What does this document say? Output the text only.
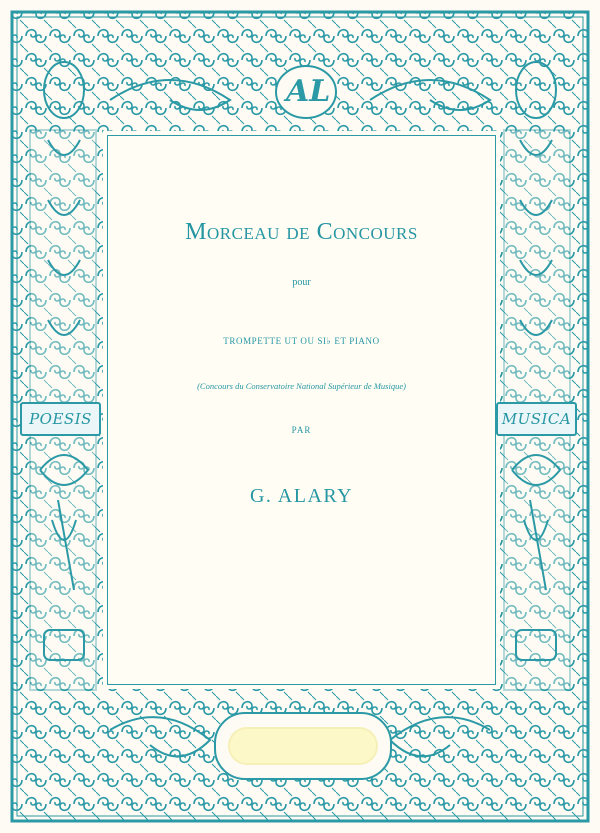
AL
Morceau de Concours
pour
TROMPETTE UT OU SI♭ ET PIANO
(Concours du Conservatoire National Supérieur de Musique)
PAR
G. ALARY
POESIS	MUSICA
